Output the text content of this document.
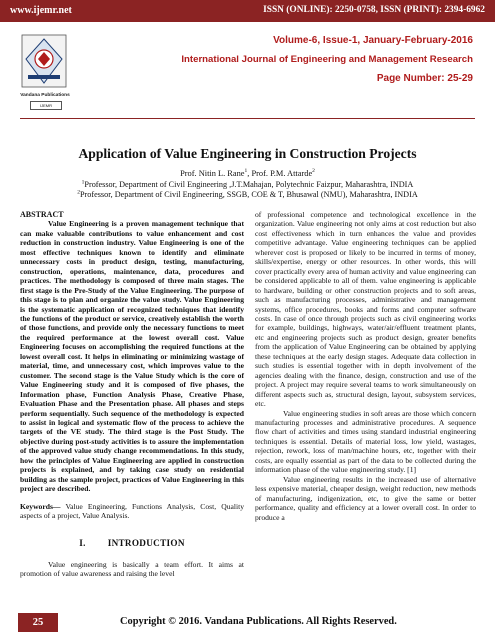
www.ijemr.net	ISSN (ONLINE): 2250-0758, ISSN (PRINT): 2394-6962
Vandana Publications
IJEMR
Volume-6, Issue-1, January-February-2016
International Journal of Engineering and Management Research
Page Number: 25-29
Application of Value Engineering in Construction Projects
Prof. Nitin L. Rane$^1$, Prof. P.M. Attarde$^2$
$^1$Professor, Department of Civil Engineering ,J.T.Mahajan, Polytechnic Faizpur, Maharashtra, INDIA
$^2$Professor, Department of Civil Engineering, SSGB, COE & T, Bhusawal (NMU), Maharashtra, INDIA
ABSTRACT

Value Engineering is a proven management technique that can make valuable contributions to value enhancement and cost reduction in construction industry. Value Engineering is one of the most effective techniques known to identify and eliminate unnecessary costs in product design, testing, manufacturing, construction, operations, maintenance, data, procedures and practices. The methodology is composed of three main stages. The first stage is the Pre-Study of the Value Engineering. The purpose of this stage is to plan and organize the value study. Value Engineering is the systematic application of recognized techniques that identify the functions of the product or service, creatively establish the worth of those functions, and provide only the necessary functions to meet the required performance at the lowest overall cost. Value Engineering focuses on accomplishing the required functions at the lowest overall cost. It helps in eliminating or minimizing wastage of material, time, and unnecessary cost, which improves value to the customer. The second stage is the Value Study which is the core of Value Engineering study and it is composed of five phases, the Information phase, Function Analysis Phase, Creative Phase, Evaluation Phase and the Presentation phase. All phases and steps perform sequentially. Such sequence of the methodology is expected to assist in logical and systematic flow of the process to achieve the targets of the VE study. The third stage is the Post Study. The objective during post-study activities is to assure the implementation of the approved value study change recommendations. In this study, how the principles of Value Engineering are applied in construction projects is explained, and by taking case study on residential building as the sample project, practices of Value Engineering in this project are described.

Keywords— Value Engineering, Functions Analysis, Cost, Quality aspects of a project, Value Analysis.

I. INTRODUCTION

Value engineering is basically a team effort. It aims at promotion of value awareness and raising the level

of professional competence and technological excellence in the organization. Value engineering not only aims at cost reduction but also cost effectiveness which in turn enhances the value and provides competitive advantage. Value engineering techniques can be applied wherever cost is proposed or likely to be incurred in terms of money, skills/expertise, energy or other resources. In other words, this will cover practically every area of human activity and value engineering can be considered applicable to all of them. value engineering is applicable to hardware, building or other construction projects and to soft areas, such as manufacturing processes, administrative and management systems, office procedures, books and forms and computer software costs. In case of once through projects such as civil engineering works for example, buildings, highways, water/air/effluent treatment plants, etc and engineering projects such as product design, greater benefits from the application of Value Engineering can be obtained by applying these techniques at the early design stages. Adequate data collection in such studies is essential together with in depth involvement of the agencies dealing with the finance, design, construction and use of the project. A project may require several teams to work simultaneously on different aspects such as, structural design, layout, subsystem services, etc.

Value engineering studies in soft areas are those which concern manufacturing processes and administrative procedures. A sequence flow chart of activities and times using standard industrial engineering techniques is essential. Details of material loss, low yield, wastages, rejection, rework, loss of man/machine hours, etc, together with their costs, are equally essential as part of the data to be collected during the information phase of the value engineering study. [1]

Value engineering results in the increased use of alternative less expensive material, cheaper design, weight reduction, new methods of manufacturing, indigenization, etc, to give the same or better performance, quality and efficiency at a lower overall cost. In order to produce a

25	Copyright © 2016. Vandana Publications. All Rights Reserved.
